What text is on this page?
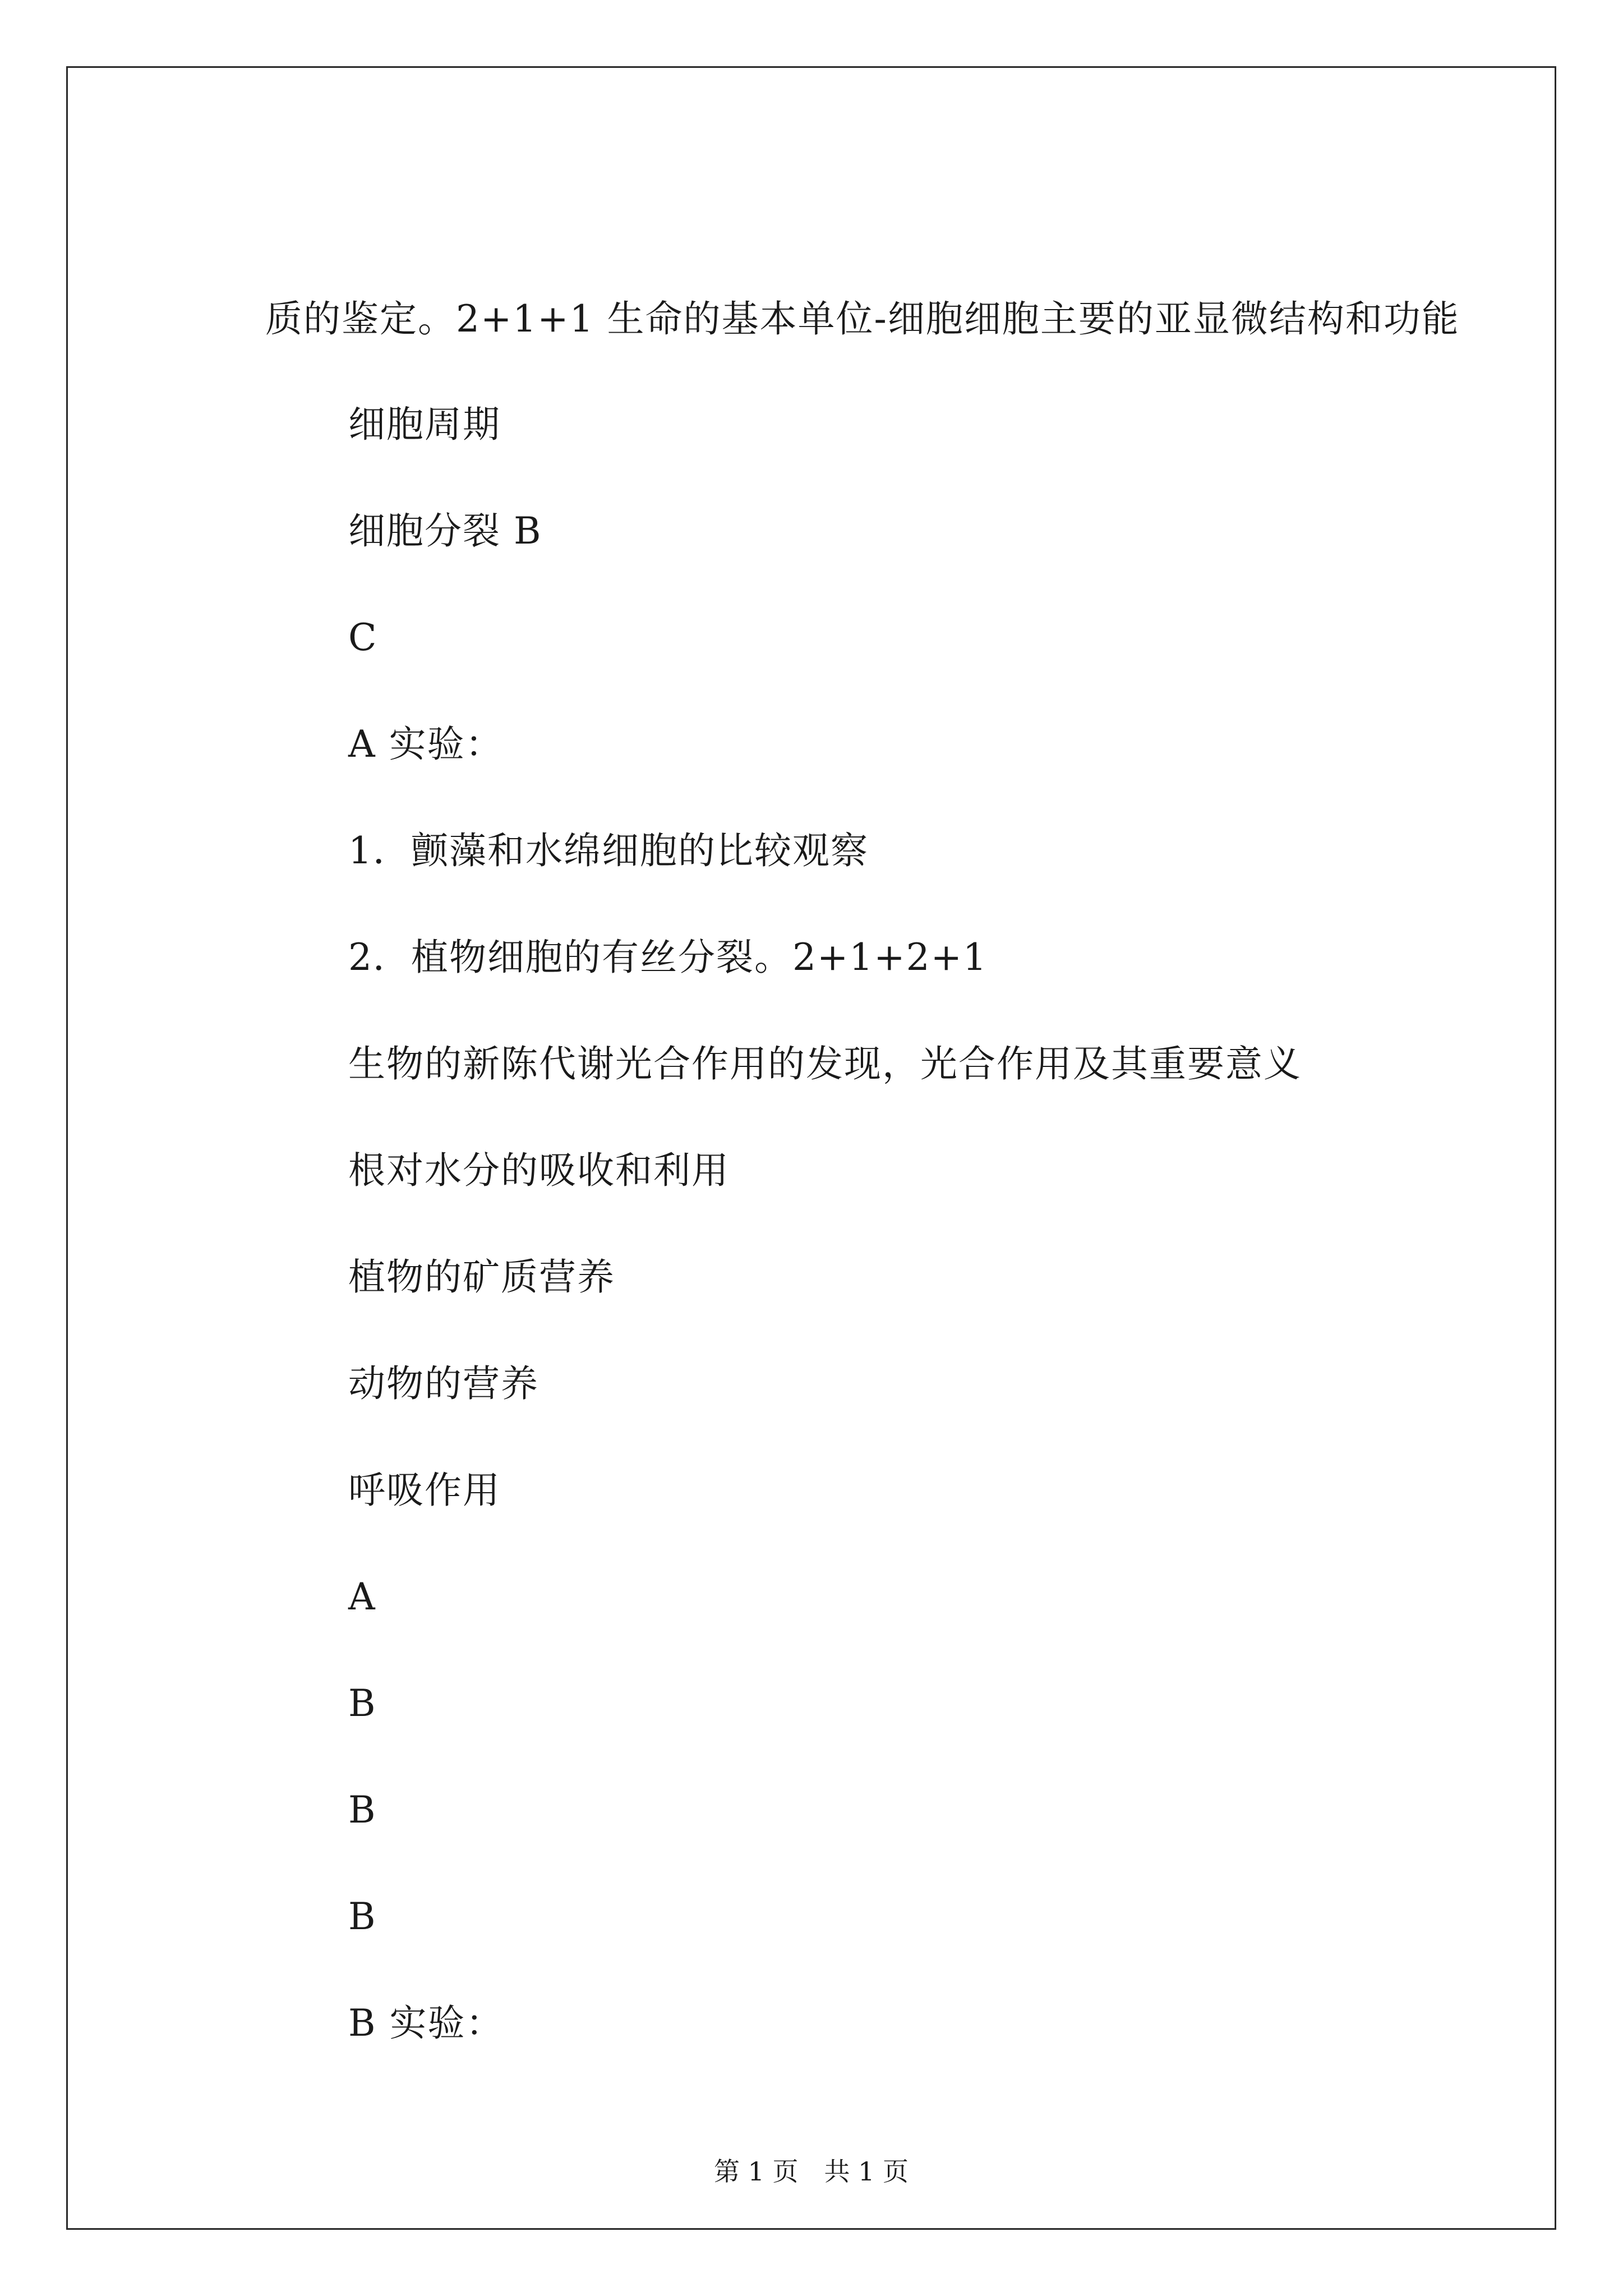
质的鉴定。2+1+1 生命的基本单位-细胞细胞主要的亚显微结构和功能
细胞周期
细胞分裂 B
C
A 实验：
1．颤藻和水绵细胞的比较观察
2．植物细胞的有丝分裂。2+1+2+1
生物的新陈代谢光合作用的发现，光合作用及其重要意义
根对水分的吸收和利用
植物的矿质营养
动物的营养
呼吸作用
A
B
B
B
B 实验：
第 1 页　共 1 页
